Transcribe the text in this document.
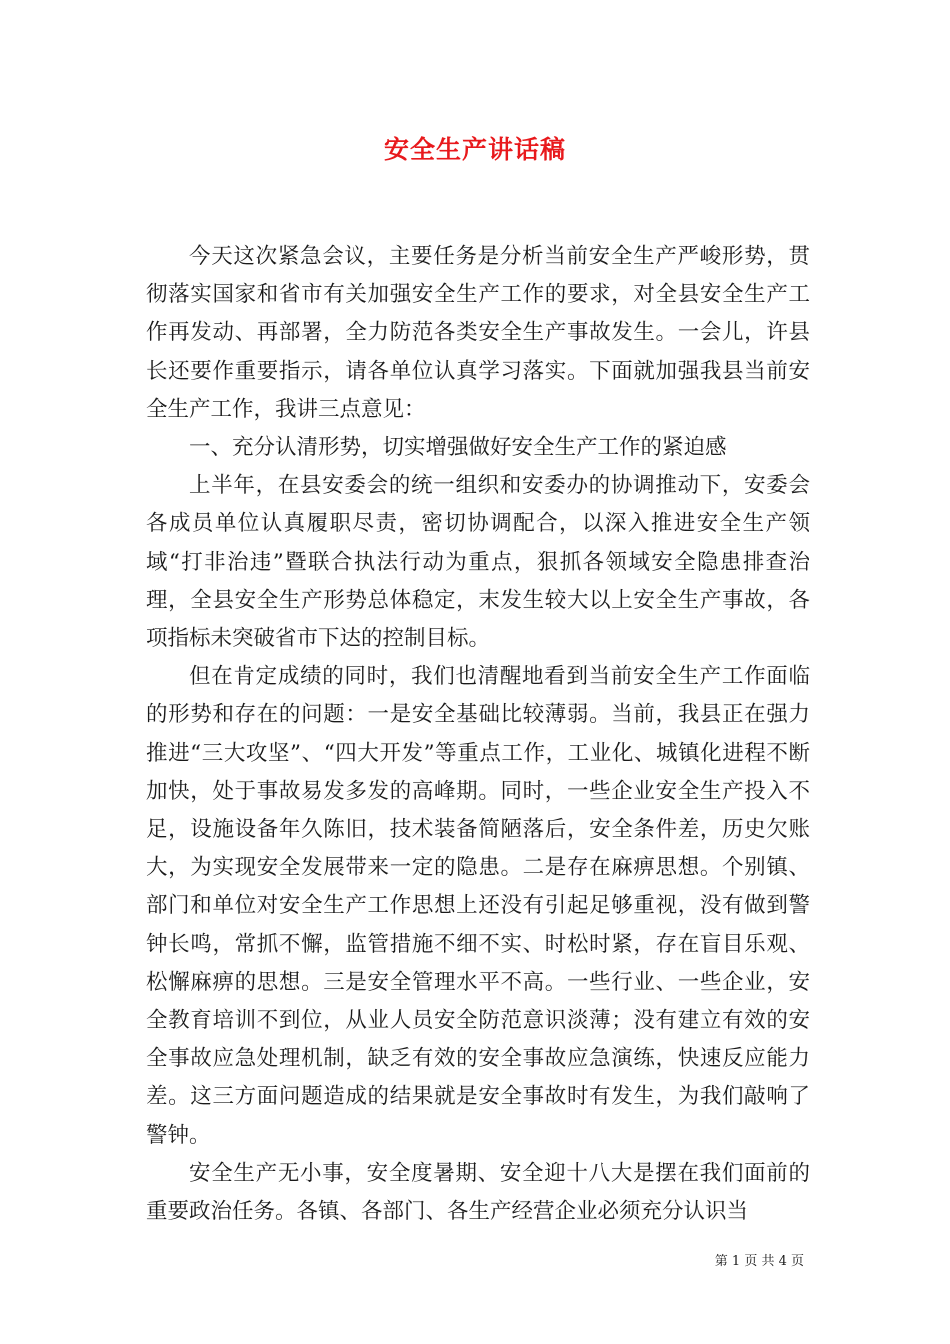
安全生产讲话稿

今天这次紧急会议，主要任务是分析当前安全生产严峻形势，贯彻落实国家和省市有关加强安全生产工作的要求，对全县安全生产工作再发动、再部署，全力防范各类安全生产事故发生。一会儿，许县长还要作重要指示，请各单位认真学习落实。下面就加强我县当前安全生产工作，我讲三点意见：

一、充分认清形势，切实增强做好安全生产工作的紧迫感

上半年，在县安委会的统一组织和安委办的协调推动下，安委会各成员单位认真履职尽责，密切协调配合，以深入推进安全生产领域“打非治违”暨联合执法行动为重点，狠抓各领域安全隐患排查治理，全县安全生产形势总体稳定，末发生较大以上安全生产事故，各项指标未突破省市下达的控制目标。

但在肯定成绩的同时，我们也清醒地看到当前安全生产工作面临的形势和存在的问题：一是安全基础比较薄弱。当前，我县正在强力推进“三大攻坚”、“四大开发”等重点工作，工业化、城镇化进程不断加快，处于事故易发多发的高峰期。同时，一些企业安全生产投入不足，设施设备年久陈旧，技术装备简陋落后，安全条件差，历史欠账大，为实现安全发展带来一定的隐患。二是存在麻痹思想。个别镇、部门和单位对安全生产工作思想上还没有引起足够重视，没有做到警钟长鸣，常抓不懈，监管措施不细不实、时松时紧，存在盲目乐观、松懈麻痹的思想。三是安全管理水平不高。一些行业、一些企业，安全教育培训不到位，从业人员安全防范意识淡薄；没有建立有效的安全事故应急处理机制，缺乏有效的安全事故应急演练，快速反应能力差。这三方面问题造成的结果就是安全事故时有发生，为我们敲响了警钟。

安全生产无小事，安全度暑期、安全迎十八大是摆在我们面前的重要政治任务。各镇、各部门、各生产经营企业必须充分认识当

第 1 页 共 4 页
